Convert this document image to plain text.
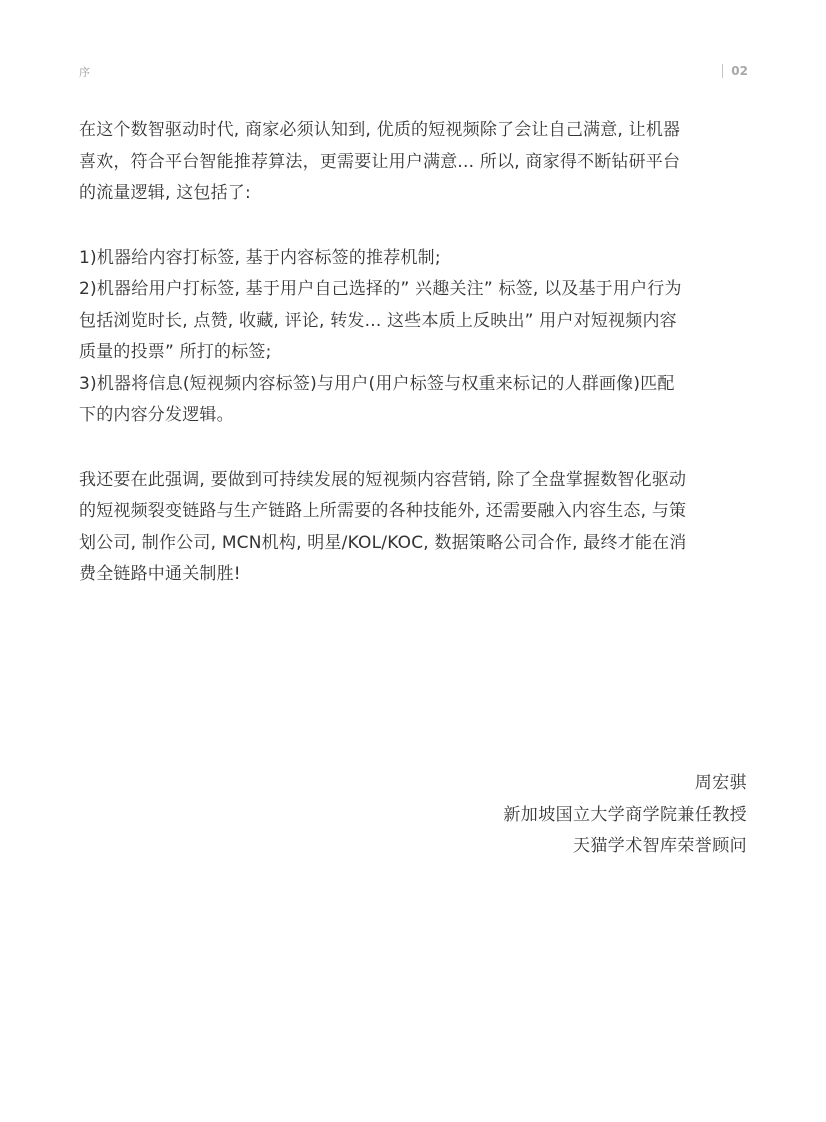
序	02

在这个数智驱动时代, 商家必须认知到, 优质的短视频除了会让自己满意, 让机器
喜欢，符合平台智能推荐算法，更需要让用户满意... 所以, 商家得不断钻研平台
的流量逻辑, 这包括了:

1)机器给内容打标签, 基于内容标签的推荐机制;
2)机器给用户打标签, 基于用户自己选择的” 兴趣关注” 标签, 以及基于用户行为
包括浏览时长, 点赞, 收藏, 评论, 转发... 这些本质上反映出” 用户对短视频内容
质量的投票” 所打的标签;
3)机器将信息(短视频内容标签)与用户(用户标签与权重来标记的人群画像)匹配
下的内容分发逻辑。

我还要在此强调, 要做到可持续发展的短视频内容营销, 除了全盘掌握数智化驱动
的短视频裂变链路与生产链路上所需要的各种技能外, 还需要融入内容生态, 与策
划公司, 制作公司, MCN机构, 明星/KOL/KOC, 数据策略公司合作, 最终才能在消
费全链路中通关制胜!

周宏骐
新加坡国立大学商学院兼任教授
天猫学术智库荣誉顾问
